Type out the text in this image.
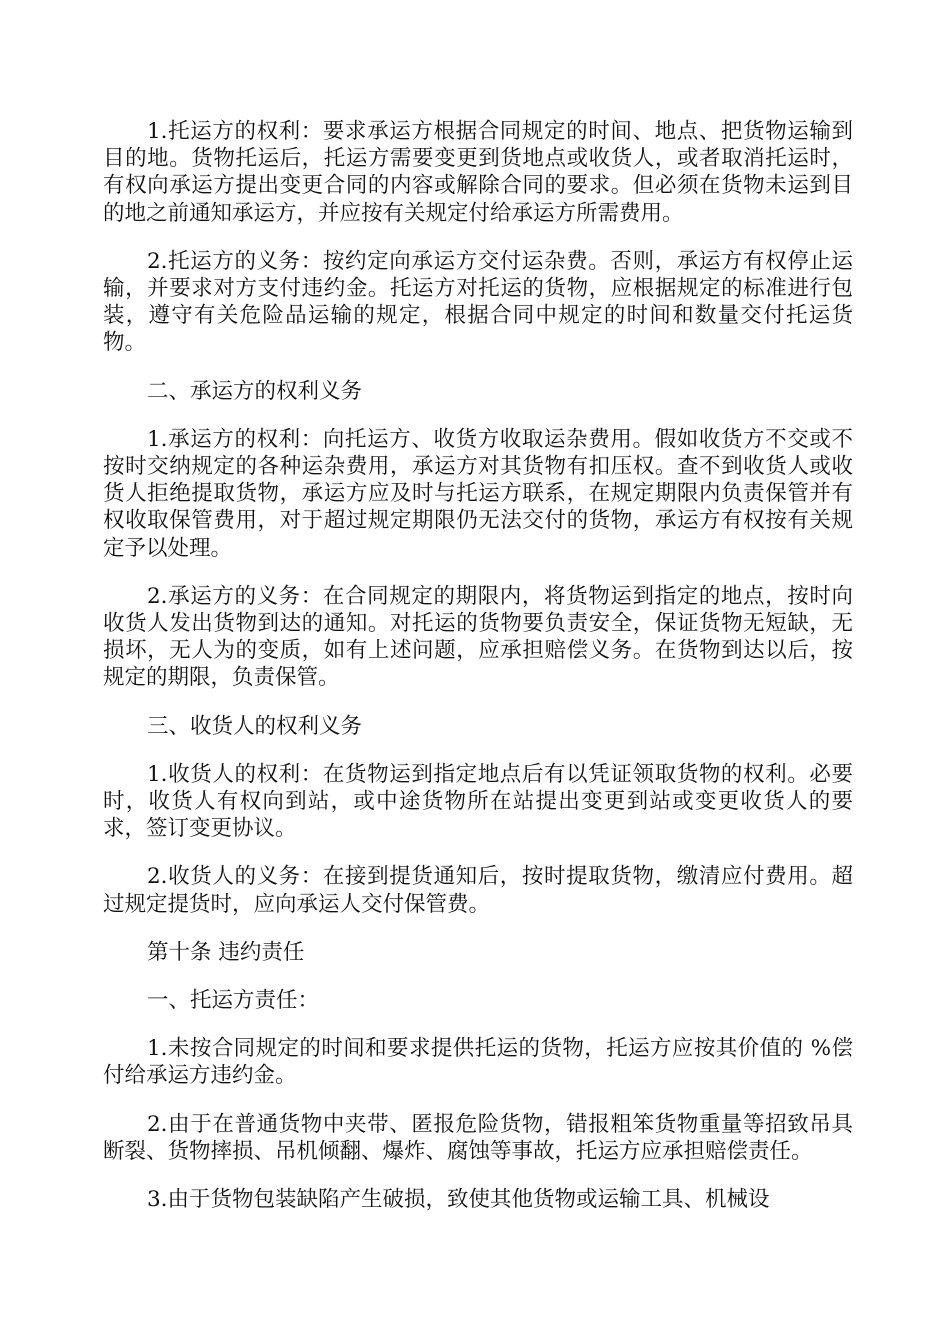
1.托运方的权利：要求承运方根据合同规定的时间、地点、把货物运输到目的地。货物托运后，托运方需要变更到货地点或收货人，或者取消托运时，有权向承运方提出变更合同的内容或解除合同的要求。但必须在货物未运到目的地之前通知承运方，并应按有关规定付给承运方所需费用。

2.托运方的义务：按约定向承运方交付运杂费。否则，承运方有权停止运输，并要求对方支付违约金。托运方对托运的货物，应根据规定的标准进行包装，遵守有关危险品运输的规定，根据合同中规定的时间和数量交付托运货物。

二、承运方的权利义务

1.承运方的权利：向托运方、收货方收取运杂费用。假如收货方不交或不按时交纳规定的各种运杂费用，承运方对其货物有扣压权。查不到收货人或收货人拒绝提取货物，承运方应及时与托运方联系，在规定期限内负责保管并有权收取保管费用，对于超过规定期限仍无法交付的货物，承运方有权按有关规定予以处理。

2.承运方的义务：在合同规定的期限内，将货物运到指定的地点，按时向收货人发出货物到达的通知。对托运的货物要负责安全，保证货物无短缺，无损坏，无人为的变质，如有上述问题，应承担赔偿义务。在货物到达以后，按规定的期限，负责保管。

三、收货人的权利义务

1.收货人的权利：在货物运到指定地点后有以凭证领取货物的权利。必要时，收货人有权向到站，或中途货物所在站提出变更到站或变更收货人的要求，签订变更协议。

2.收货人的义务：在接到提货通知后，按时提取货物，缴清应付费用。超过规定提货时，应向承运人交付保管费。

第十条 违约责任

一、托运方责任：

1.未按合同规定的时间和要求提供托运的货物，托运方应按其价值的 %偿付给承运方违约金。

2.由于在普通货物中夹带、匿报危险货物，错报粗笨货物重量等招致吊具断裂、货物摔损、吊机倾翻、爆炸、腐蚀等事故，托运方应承担赔偿责任。

3.由于货物包装缺陷产生破损，致使其他货物或运输工具、机械设
